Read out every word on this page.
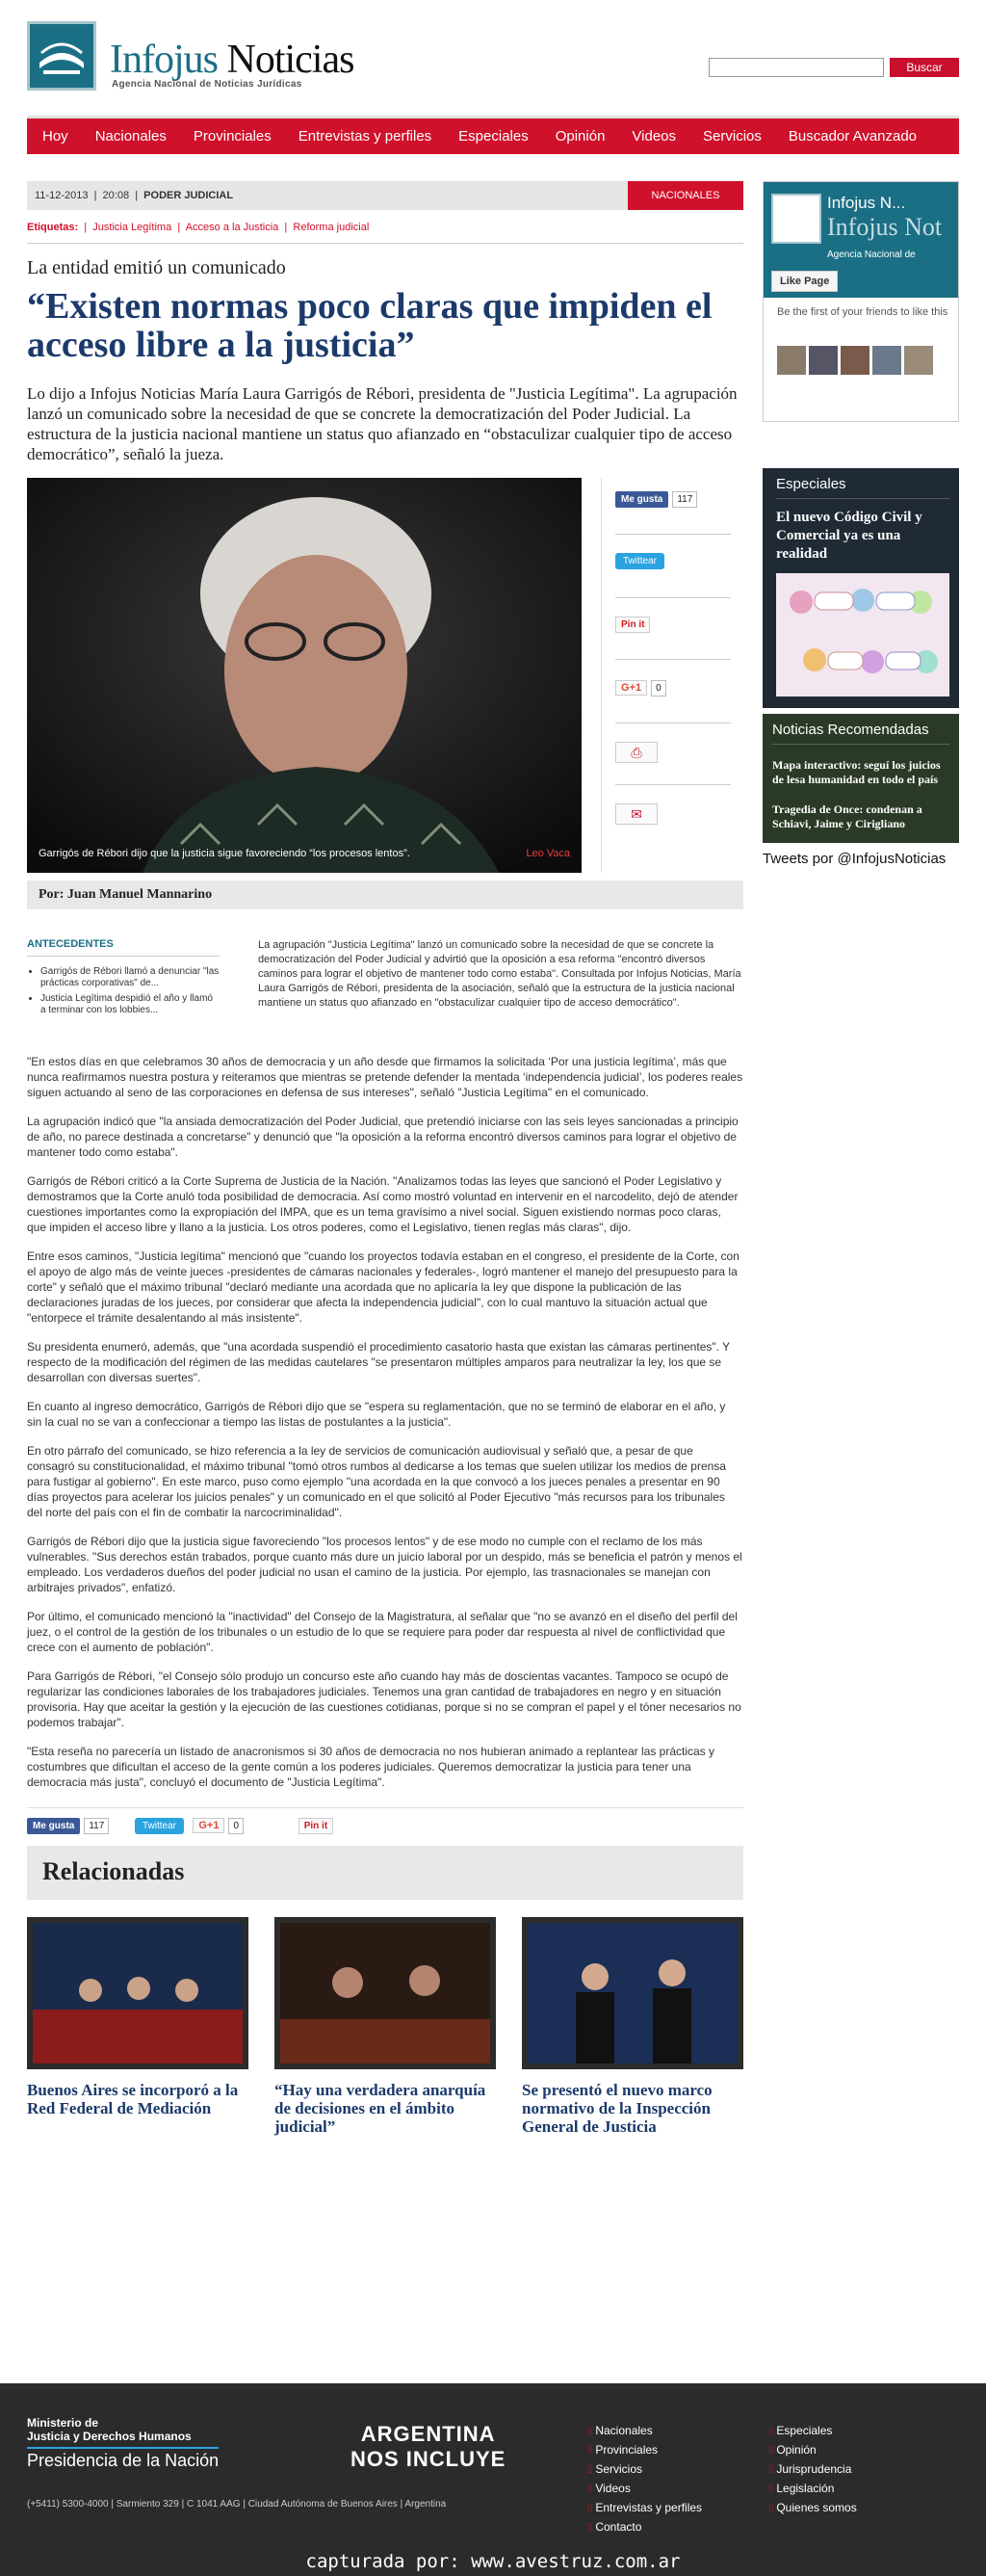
Infojus Noticias
Agencia Nacional de Noticias Jurídicas
Buscar
Hoy Nacionales Provinciales Entrevistas y perfiles Especiales Opinión Videos Servicios Buscador Avanzado
11-12-2013  |  20:08  |  PODER JUDICIAL	NACIONALES
Etiquetas:  |  Justicia Legítima  |  Acceso a la Justicia  |  Reforma judicial
La entidad emitió un comunicado
“Existen normas poco claras que impiden el acceso libre a la justicia”

Lo dijo a Infojus Noticias María Laura Garrigós de Rébori, presidenta de "Justicia Legítima". La agrupación lanzó un comunicado sobre la necesidad de que se concrete la democratización del Poder Judicial. La estructura de la justicia nacional mantiene un status quo afianzado en “obstaculizar cualquier tipo de acceso democrático”, señaló la jueza.

Garrigós de Rébori dijo que la justicia sigue favoreciendo “los procesos lentos”.	Leo Vaca
Me gusta 117
Twittear
Pin it
G+1 0
⎙
✉
Por: Juan Manuel Mannarino
ANTECEDENTES
• Garrigós de Rébori llamó a denunciar "las prácticas corporativas" de...
• Justicia Legítima despidió el año y llamó a terminar con los lobbies...

La agrupación "Justicia Legítima" lanzó un comunicado sobre la necesidad de que se concrete la democratización del Poder Judicial y advirtió que la oposición a esa reforma "encontró diversos caminos para lograr el objetivo de mantener todo como estaba". Consultada por Infojus Noticias, María Laura Garrigós de Rébori, presidenta de la asociación, señaló que la estructura de la justicia nacional mantiene un status quo afianzado en "obstaculizar cualquier tipo de acceso democrático".

"En estos días en que celebramos 30 años de democracia y un año desde que firmamos la solicitada ‘Por una justicia legítima’, más que nunca reafirmamos nuestra postura y reiteramos que mientras se pretende defender la mentada ‘independencia judicial’, los poderes reales siguen actuando al seno de las corporaciones en defensa de sus intereses", señaló "Justicia Legítima" en el comunicado.

La agrupación indicó que "la ansiada democratización del Poder Judicial, que pretendió iniciarse con las seis leyes sancionadas a principio de año, no parece destinada a concretarse" y denunció que "la oposición a la reforma encontró diversos caminos para lograr el objetivo de mantener todo como estaba".

Garrigós de Rébori criticó a la Corte Suprema de Justicia de la Nación. "Analizamos todas las leyes que sancionó el Poder Legislativo y demostramos que la Corte anuló toda posibilidad de democracia. Así como mostró voluntad en intervenir en el narcodelito, dejó de atender cuestiones importantes como la expropiación del IMPA, que es un tema gravísimo a nivel social. Siguen existiendo normas poco claras, que impiden el acceso libre y llano a la justicia. Los otros poderes, como el Legislativo, tienen reglas más claras", dijo.

Entre esos caminos, "Justicia legítima" mencionó que "cuando los proyectos todavía estaban en el congreso, el presidente de la Corte, con el apoyo de algo más de veinte jueces -presidentes de cámaras nacionales y federales-, logró mantener el manejo del presupuesto para la corte" y señaló que el máximo tribunal "declaró mediante una acordada que no aplicaría la ley que dispone la publicación de las declaraciones juradas de los jueces, por considerar que afecta la independencia judicial", con lo cual mantuvo la situación actual que "entorpece el trámite desalentando al más insistente".

Su presidenta enumeró, además, que "una acordada suspendió el procedimiento casatorio hasta que existan las cámaras pertinentes". Y respecto de la modificación del régimen de las medidas cautelares "se presentaron múltiples amparos para neutralizar la ley, los que se desarrollan con diversas suertes".

En cuanto al ingreso democrático, Garrigós de Rébori dijo que se "espera su reglamentación, que no se terminó de elaborar en el año, y sin la cual no se van a confeccionar a tiempo las listas de postulantes a la justicia".

En otro párrafo del comunicado, se hizo referencia a la ley de servicios de comunicación audiovisual y señaló que, a pesar de que consagró su constitucionalidad, el máximo tribunal "tomó otros rumbos al dedicarse a los temas que suelen utilizar los medios de prensa para fustigar al gobierno". En este marco, puso como ejemplo "una acordada en la que convocó a los jueces penales a presentar en 90 días proyectos para acelerar los juicios penales" y un comunicado en el que solicitó al Poder Ejecutivo "más recursos para los tribunales del norte del país con el fin de combatir la narcocriminalidad".

Garrigós de Rébori dijo que la justicia sigue favoreciendo "los procesos lentos" y de ese modo no cumple con el reclamo de los más vulnerables. "Sus derechos están trabados, porque cuanto más dure un juicio laboral por un despido, más se beneficia el patrón y menos el empleado. Los verdaderos dueños del poder judicial no usan el camino de la justicia. Por ejemplo, las trasnacionales se manejan con arbitrajes privados", enfatizó.

Por último, el comunicado mencionó la "inactividad" del Consejo de la Magistratura, al señalar que "no se avanzó en el diseño del perfil del juez, o el control de la gestión de los tribunales o un estudio de lo que se requiere para poder dar respuesta al nivel de conflictividad que crece con el aumento de población".

Para Garrigós de Rébori, "el Consejo sólo produjo un concurso este año cuando hay más de doscientas vacantes. Tampoco se ocupó de regularizar las condiciones laborales de los trabajadores judiciales. Tenemos una gran cantidad de trabajadores en negro y en situación provisoria. Hay que aceitar la gestión y la ejecución de las cuestiones cotidianas, porque si no se compran el papel y el tóner necesarios no podemos trabajar".

"Esta reseña no parecería un listado de anacronismos si 30 años de democracia no nos hubieran animado a replantear las prácticas y costumbres que dificultan el acceso de la gente común a los poderes judiciales. Queremos democratizar la justicia para tener una democracia más justa", concluyó el documento de "Justicia Legítima".

Me gusta 117	Twittear G+1 0	Pin it
Relacionadas
Buenos Aires se incorporó a la Red Federal de Mediación
“Hay una verdadera anarquía de decisiones en el ámbito judicial”
Se presentó el nuevo marco normativo de la Inspección General de Justicia
Infojus N...
Infojus Not
Agencia Nacional de
Like Page
Be the first of your friends to like this
Especiales
El nuevo Código Civil y Comercial ya es una realidad
Noticias Recomendadas
Mapa interactivo: seguí los juicios de lesa humanidad en todo el país
Tragedia de Once: condenan a Schiavi, Jaime y Cirigliano
Tweets por @InfojusNoticias
Ministerio de
Justicia y Derechos Humanos
Presidencia de la Nación
(+5411) 5300-4000 | Sarmiento 329 | C 1041 AAG | Ciudad Autónoma de Buenos Aires | Argentina
ARGENTINA
NOS INCLUYE
⁞⁞ Nacionales
⁞⁞ Provinciales
⁞⁞ Servicios
⁞⁞ Videos
⁞⁞ Entrevistas y perfiles
⁞⁞ Contacto
⁞⁞ Especiales
⁞⁞ Opinión
⁞⁞ Jurisprudencia
⁞⁞ Legislación
⁞⁞ Quienes somos
capturada por: www.avestruz.com.ar
